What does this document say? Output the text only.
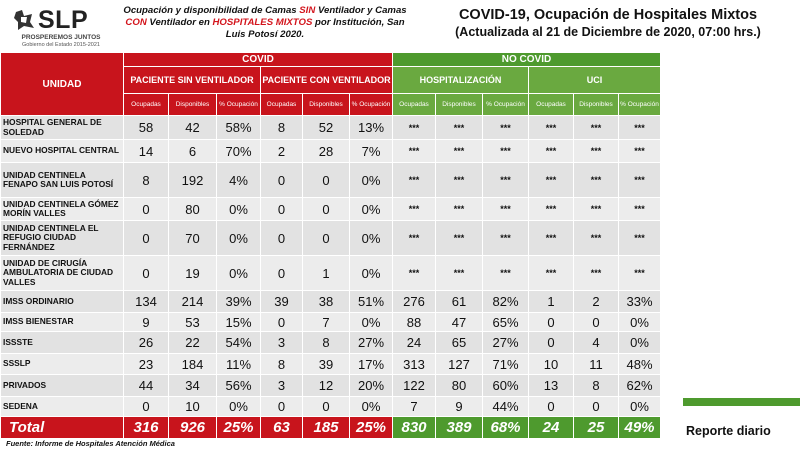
SLP
PROSPEREMOS JUNTOS
Gobierno del Estado 2015-2021
Ocupación y disponibilidad de Camas SIN Ventilador y Camas CON Ventilador en HOSPITALES MIXTOS por Institución, San Luis Potosí 2020.
COVID-19, Ocupación de Hospitales Mixtos
(Actualizada al 21 de Diciembre de 2020, 07:00 hrs.)
UNIDAD	COVID						NO COVID					
	PACIENTE SIN VENTILADOR			PACIENTE CON VENTILADOR			HOSPITALIZACIÓN			UCI		
	Ocupadas	Disponibles	% Ocupación	Ocupadas	Disponibles	% Ocupación	Ocupadas	Disponibles	% Ocupación	Ocupadas	Disponibles	% Ocupación
HOSPITAL GENERAL DE SOLEDAD	58	42	58%	8	52	13%	***	***	***	***	***	***
NUEVO HOSPITAL CENTRAL	14	6	70%	2	28	7%	***	***	***	***	***	***
UNIDAD CENTINELA FENAPO SAN LUIS POTOSÍ	8	192	4%	0	0	0%	***	***	***	***	***	***
UNIDAD CENTINELA GÓMEZ MORÍN VALLES	0	80	0%	0	0	0%	***	***	***	***	***	***
UNIDAD CENTINELA EL REFUGIO CIUDAD FERNÁNDEZ	0	70	0%	0	0	0%	***	***	***	***	***	***
UNIDAD DE CIRUGÍA AMBULATORIA DE CIUDAD VALLES	0	19	0%	0	1	0%	***	***	***	***	***	***
IMSS ORDINARIO	134	214	39%	39	38	51%	276	61	82%	1	2	33%
IMSS BIENESTAR	9	53	15%	0	7	0%	88	47	65%	0	0	0%
ISSSTE	26	22	54%	3	8	27%	24	65	27%	0	4	0%
SSSLP	23	184	11%	8	39	17%	313	127	71%	10	11	48%
PRIVADOS	44	34	56%	3	12	20%	122	80	60%	13	8	62%
SEDENA	0	10	0%	0	0	0%	7	9	44%	0	0	0%
Total	316	926	25%	63	185	25%	830	389	68%	24	25	49%
Fuente: Informe de Hospitales Atención Médica
Reporte diario
